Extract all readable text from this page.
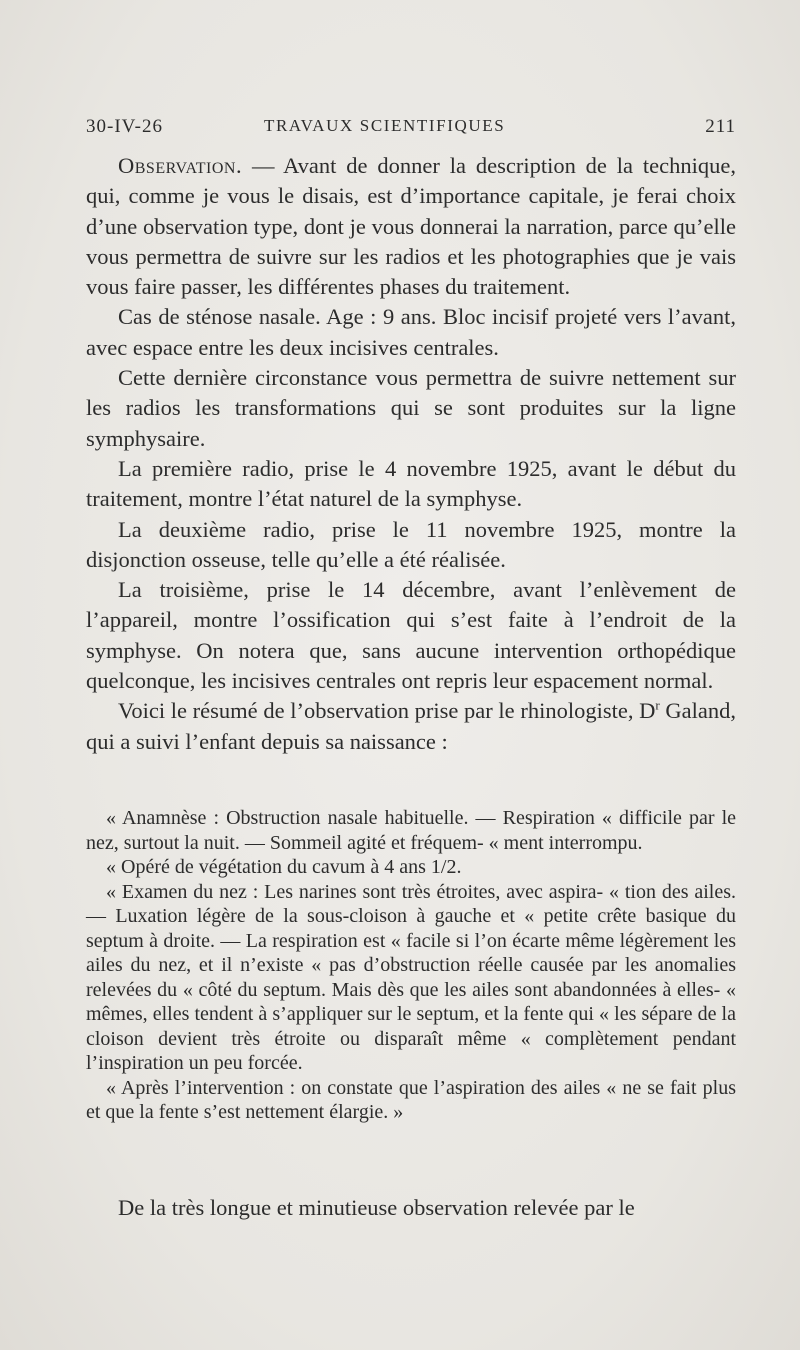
30-IV-26	TRAVAUX SCIENTIFIQUES	211

Observation. — Avant de donner la description de la technique, qui, comme je vous le disais, est d’importance capitale, je ferai choix d’une observation type, dont je vous donnerai la narration, parce qu’elle vous permettra de suivre sur les radios et les photographies que je vais vous faire passer, les différentes phases du traitement.

Cas de sténose nasale. Age : 9 ans. Bloc incisif projeté vers l’avant, avec espace entre les deux incisives centrales.

Cette dernière circonstance vous permettra de suivre nettement sur les radios les transformations qui se sont produites sur la ligne symphysaire.

La première radio, prise le 4 novembre 1925, avant le début du traitement, montre l’état naturel de la symphyse.

La deuxième radio, prise le 11 novembre 1925, montre la disjonction osseuse, telle qu’elle a été réalisée.

La troisième, prise le 14 décembre, avant l’enlèvement de l’appareil, montre l’ossification qui s’est faite à l’endroit de la symphyse. On notera que, sans aucune intervention orthopédique quelconque, les incisives centrales ont repris leur espacement normal.

Voici le résumé de l’observation prise par le rhinologiste, $D^r$ Galand, qui a suivi l’enfant depuis sa naissance :

« Anamnèse : Obstruction nasale habituelle. — Respiration « difficile par le nez, surtout la nuit. — Sommeil agité et fréquem- « ment interrompu.

« Opéré de végétation du cavum à 4 ans 1/2.

« Examen du nez : Les narines sont très étroites, avec aspira- « tion des ailes. — Luxation légère de la sous-cloison à gauche et « petite crête basique du septum à droite. — La respiration est « facile si l’on écarte même légèrement les ailes du nez, et il n’existe « pas d’obstruction réelle causée par les anomalies relevées du « côté du septum. Mais dès que les ailes sont abandonnées à elles- « mêmes, elles tendent à s’appliquer sur le septum, et la fente qui « les sépare de la cloison devient très étroite ou disparaît même « complètement pendant l’inspiration un peu forcée.

« Après l’intervention : on constate que l’aspiration des ailes « ne se fait plus et que la fente s’est nettement élargie. »

De la très longue et minutieuse observation relevée par le
